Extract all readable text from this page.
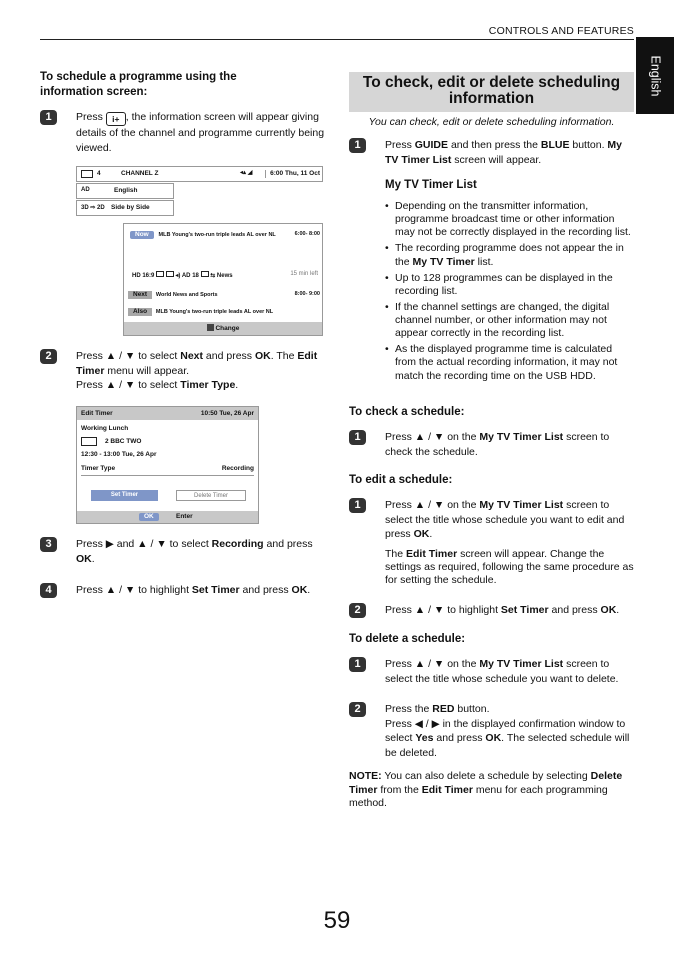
CONTROLS AND FEATURES
English
To schedule a programme using the information screen:
1	Press i+ , the information screen will appear giving details of the channel and programme currently being viewed.
4	CHANNEL Z	◂▴ ◢	6:00 Thu, 11 Oct
AD	English
3D ⇨ 2D Side by Side
Now MLB Young's two-run triple leads AL over NL	6:00- 8:00
HD 16:9	◂) AD 18 ⇆ News	15 min left
Next World News and Sports	8:00- 9:00
Also MLB Young's two-run triple leads AL over NL
Change
2	Press ▲ / ▼ to select Next and press OK. The Edit Timer menu will appear.
Press ▲ / ▼ to select Timer Type.
Edit Timer	10:50 Tue, 26 Apr
Working Lunch
2 BBC TWO
12:30 - 13:00 Tue, 26 Apr
Timer Type	Recording
Set Timer	Delete Timer
OK	Enter
3	Press ▶ and ▲ / ▼ to select Recording and press OK.
4	Press ▲ / ▼ to highlight Set Timer and press OK.
To check, edit or delete scheduling information
You can check, edit or delete scheduling information.
1	Press GUIDE and then press the BLUE button. My TV Timer List screen will appear.
My TV Timer List
• Depending on the transmitter information, programme broadcast time or other information may not be correctly displayed in the recording list.
• The recording programme does not appear the in the My TV Timer list.
• Up to 128 programmes can be displayed in the recording list.
• If the channel settings are changed, the digital channel number, or other information may not appear correctly in the recording list.
• As the displayed programme time is calculated from the actual recording information, it may not match the recording time on the USB HDD.
To check a schedule:
1	Press ▲ / ▼ on the My TV Timer List screen to check the schedule.
To edit a schedule:
1	Press ▲ / ▼ on the My TV Timer List screen to select the title whose schedule you want to edit and press OK.
The Edit Timer screen will appear. Change the settings as required, following the same procedure as for setting the schedule.
2	Press ▲ / ▼ to highlight Set Timer and press OK.
To delete a schedule:
1	Press ▲ / ▼ on the My TV Timer List screen to select the title whose schedule you want to delete.
2	Press the RED button.
Press ◀ / ▶ in the displayed confirmation window to select Yes and press OK. The selected schedule will be deleted.
NOTE: You can also delete a schedule by selecting Delete Timer from the Edit Timer menu for each programming method.
59
